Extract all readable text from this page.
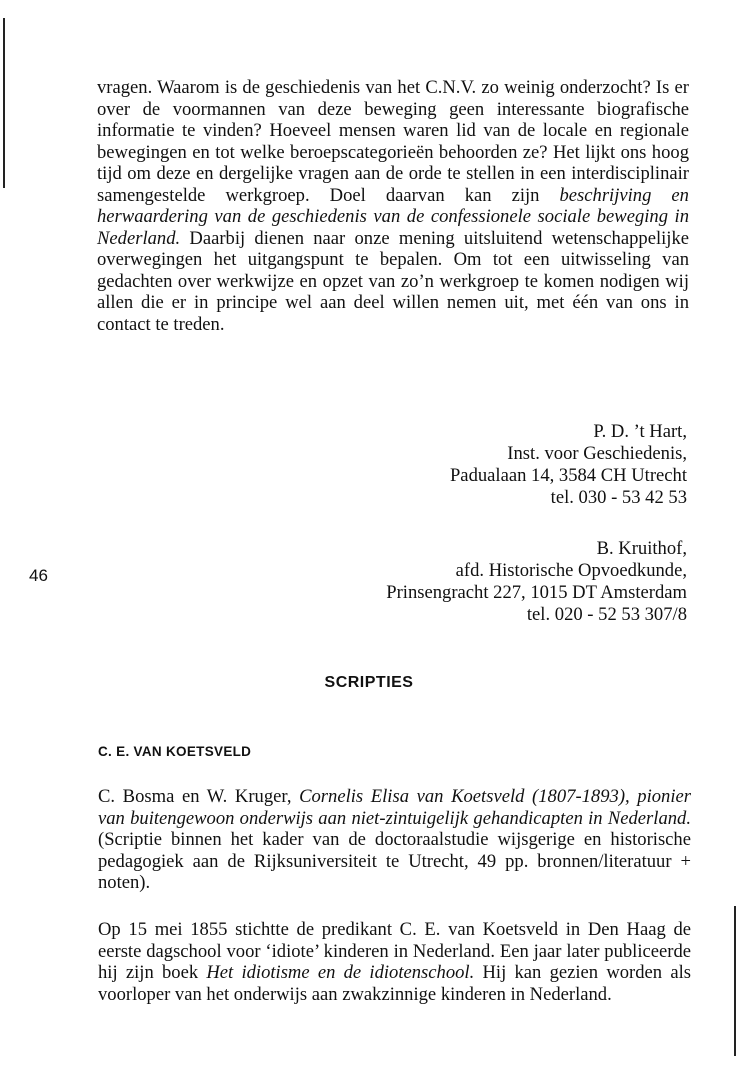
vragen. Waarom is de geschiedenis van het C.N.V. zo weinig onderzocht? Is er over de voormannen van deze beweging geen interessante biografische informatie te vinden? Hoeveel mensen waren lid van de locale en regionale bewegingen en tot welke beroepscategorieën behoorden ze? Het lijkt ons hoog tijd om deze en dergelijke vragen aan de orde te stellen in een interdisciplinair samengestelde werkgroep. Doel daarvan kan zijn beschrijving en herwaardering van de geschiedenis van de confessionele sociale beweging in Nederland. Daarbij dienen naar onze mening uitsluitend wetenschappelijke overwegingen het uitgangspunt te bepalen. Om tot een uitwisseling van gedachten over werkwijze en opzet van zo’n werkgroep te komen nodigen wij allen die er in principe wel aan deel willen nemen uit, met één van ons in contact te treden.

P. D. ’t Hart,
Inst. voor Geschiedenis,
Padualaan 14, 3584 CH Utrecht
tel. 030 - 53 42 53
46
B. Kruithof,
afd. Historische Opvoedkunde,
Prinsengracht 227, 1015 DT Amsterdam
tel. 020 - 52 53 307/8
SCRIPTIES
C. E. VAN KOETSVELD

C. Bosma en W. Kruger, Cornelis Elisa van Koetsveld (1807-1893), pionier van buitengewoon onderwijs aan niet-zintuigelijk gehandicapten in Nederland. (Scriptie binnen het kader van de doctoraalstudie wijsgerige en historische pedagogiek aan de Rijksuniversiteit te Utrecht, 49 pp. bronnen/literatuur + noten).

Op 15 mei 1855 stichtte de predikant C. E. van Koetsveld in Den Haag de eerste dagschool voor ‘idiote’ kinderen in Nederland. Een jaar later publiceerde hij zijn boek Het idiotisme en de idiotenschool. Hij kan gezien worden als voorloper van het onderwijs aan zwakzinnige kinderen in Nederland.
